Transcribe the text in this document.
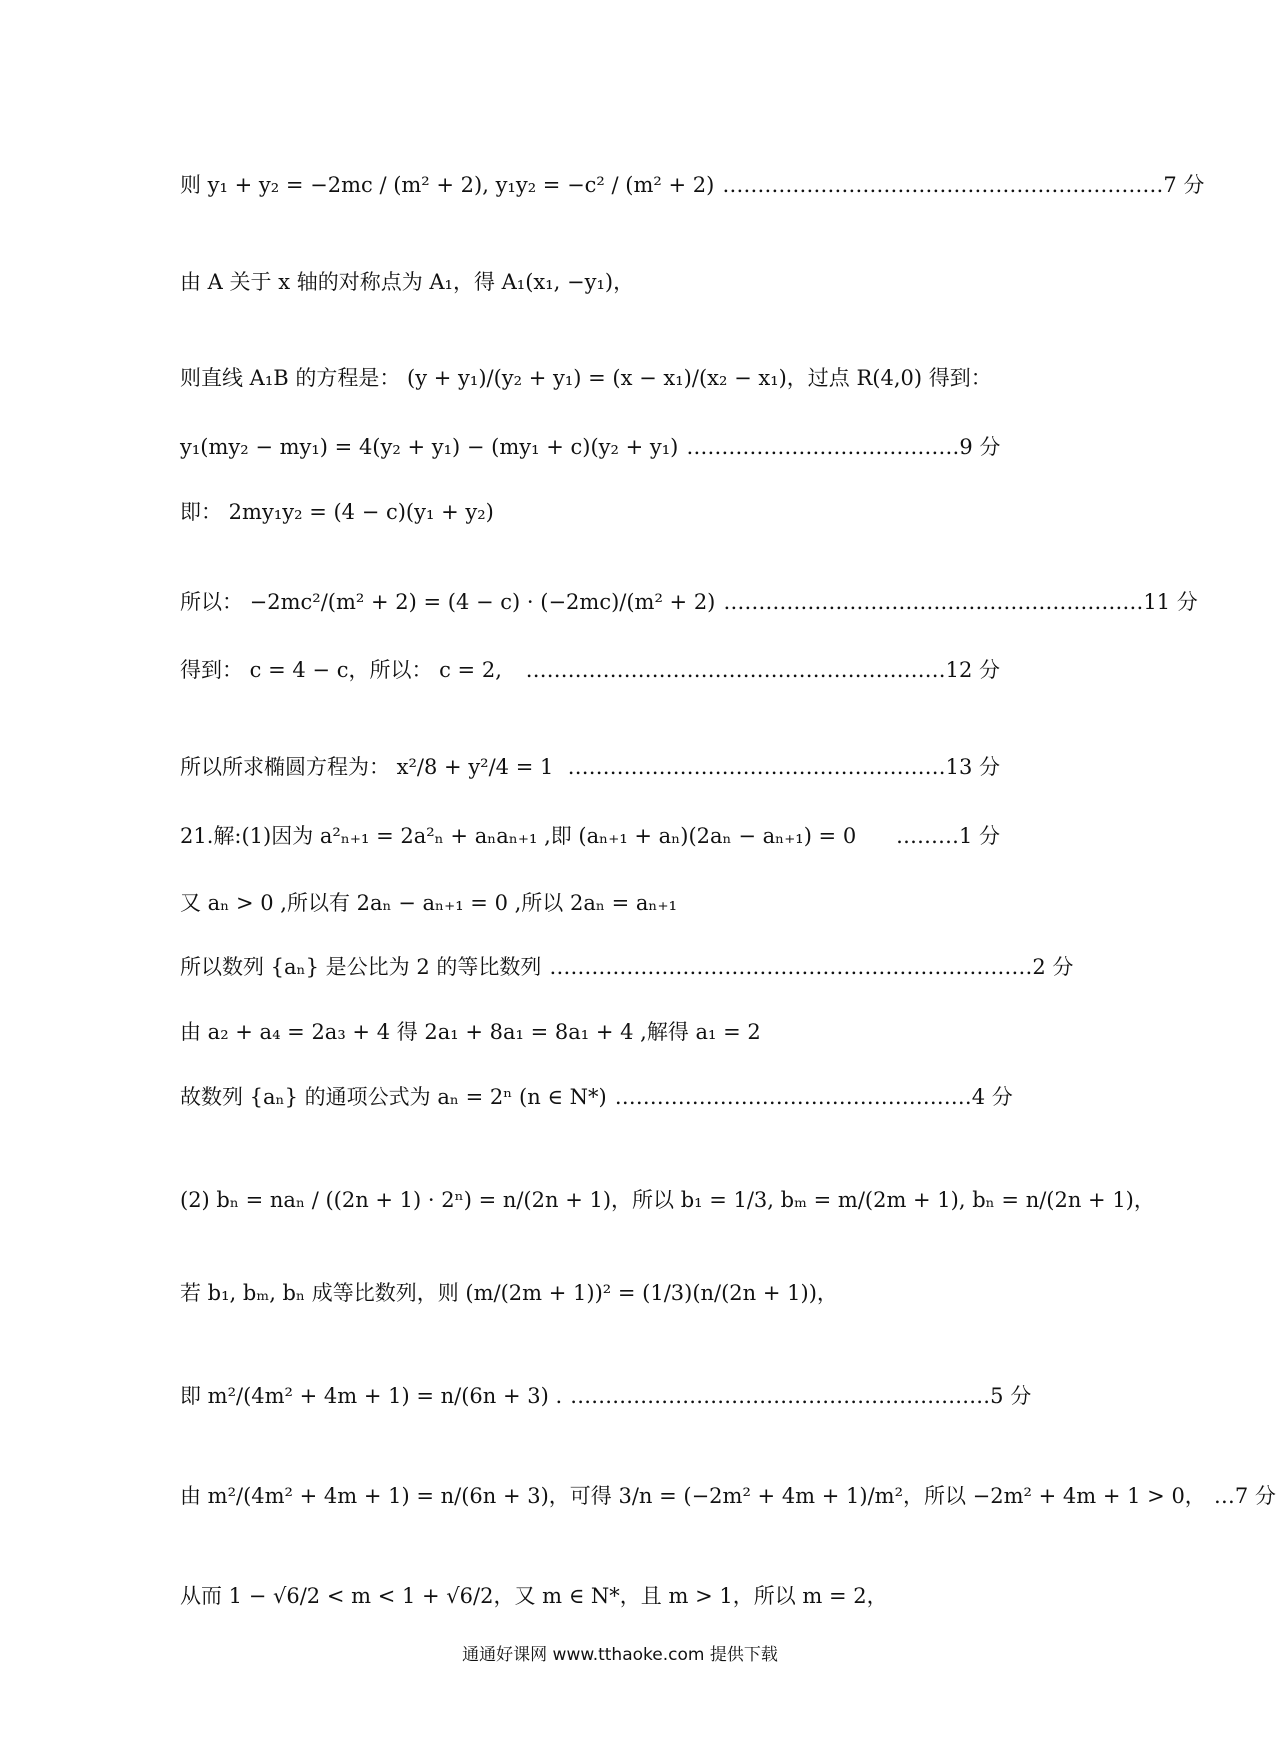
则 y₁ + y₂ = −2mc / (m² + 2), y₁y₂ = −c² / (m² + 2) ………………………………………………………7 分
由 A 关于 x 轴的对称点为 A₁，得 A₁(x₁, −y₁)，
则直线 A₁B 的方程是： (y + y₁)/(y₂ + y₁) = (x − x₁)/(x₂ − x₁)，过点 R(4,0) 得到：
y₁(my₂ − my₁) = 4(y₂ + y₁) − (my₁ + c)(y₂ + y₁) …………………………………9 分
即： 2my₁y₂ = (4 − c)(y₁ + y₂)
所以： −2mc²/(m² + 2) = (4 − c) · (−2mc)/(m² + 2) ……………………………………………………11 分
得到： c = 4 − c，所以： c = 2,	……………………………………………………12 分
所以所求椭圆方程为： x²/8 + y²/4 = 1 ………………………………………………13 分
21.解:(1)因为 a²ₙ₊₁ = 2a²ₙ + aₙaₙ₊₁ ,即 (aₙ₊₁ + aₙ)(2aₙ − aₙ₊₁) = 0	………1 分
又 aₙ > 0 ,所以有 2aₙ − aₙ₊₁ = 0 ,所以 2aₙ = aₙ₊₁
所以数列 {aₙ} 是公比为 2 的等比数列 ……………………………………………………………2 分
由 a₂ + a₄ = 2a₃ + 4 得 2a₁ + 8a₁ = 8a₁ + 4 ,解得 a₁ = 2
故数列 {aₙ} 的通项公式为 aₙ = 2ⁿ (n ∈ N*) ……………………………………………4 分
(2) bₙ = naₙ / ((2n + 1) · 2ⁿ) = n/(2n + 1)，所以 b₁ = 1/3, bₘ = m/(2m + 1), bₙ = n/(2n + 1)，
若 b₁, bₘ, bₙ 成等比数列，则 (m/(2m + 1))² = (1/3)(n/(2n + 1))，
即 m²/(4m² + 4m + 1) = n/(6n + 3) . ……………………………………………………5 分
由 m²/(4m² + 4m + 1) = n/(6n + 3)，可得 3/n = (−2m² + 4m + 1)/m²，所以 −2m² + 4m + 1 > 0， …7 分
从而 1 − √6/2 < m < 1 + √6/2，又 m ∈ N*，且 m > 1，所以 m = 2，
通通好课网 www.tthaoke.com 提供下载
